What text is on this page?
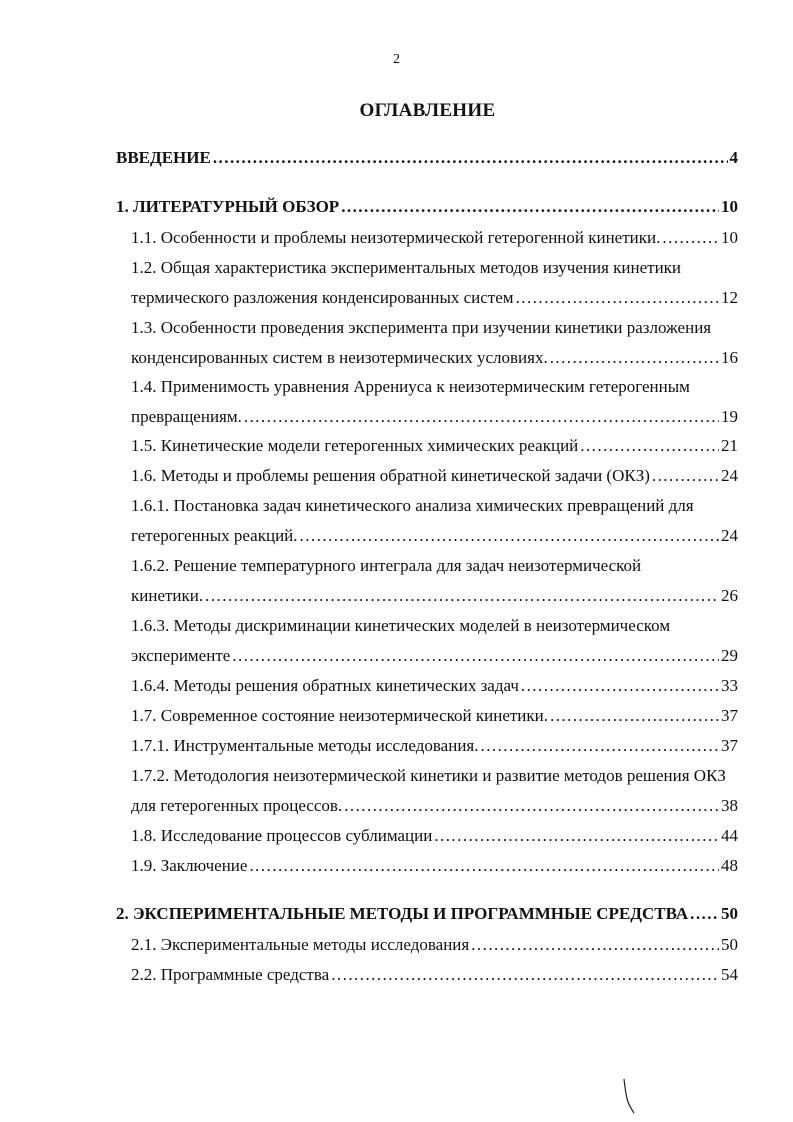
2
ОГЛАВЛЕНИЕ
ВВЕДЕНИЕ . . .	4
1. ЛИТЕРАТУРНЫЙ ОБЗОР . . .	10
1.1. Особенности и проблемы неизотермической гетерогенной кинетики. . . .	10
1.2. Общая характеристика экспериментальных методов изучения кинетики
термического разложения конденсированных систем . . .	12
1.3. Особенности проведения эксперимента при изучении кинетики разложения
конденсированных систем в неизотермических условиях. . . .	16
1.4. Применимость уравнения Аррениуса к неизотермическим гетерогенным
превращениям. . . .	19
1.5. Кинетические модели гетерогенных химических реакций . . .	21
1.6. Методы и проблемы решения обратной кинетической задачи (ОКЗ) . . .	24
1.6.1. Постановка задач кинетического анализа химических превращений для
гетерогенных реакций. . . .	24
1.6.2. Решение температурного интеграла для задач неизотермической
кинетики. . . .	26
1.6.3. Методы дискриминации кинетических моделей в неизотермическом
эксперименте . . .	29
1.6.4. Методы решения обратных кинетических задач . . .	33
1.7. Современное состояние неизотермической кинетики. . . .	37
1.7.1. Инструментальные методы исследования. . . .	37
1.7.2. Методология неизотермической кинетики и развитие методов решения ОКЗ
для гетерогенных процессов. . . .	38
1.8. Исследование процессов сублимации . . .	44
1.9. Заключение . . .	48
2. ЭКСПЕРИМЕНТАЛЬНЫЕ МЕТОДЫ И ПРОГРАММНЫЕ СРЕДСТВА . . . 50
2.1. Экспериментальные методы исследования . . .	50
2.2. Программные средства . . .	54
